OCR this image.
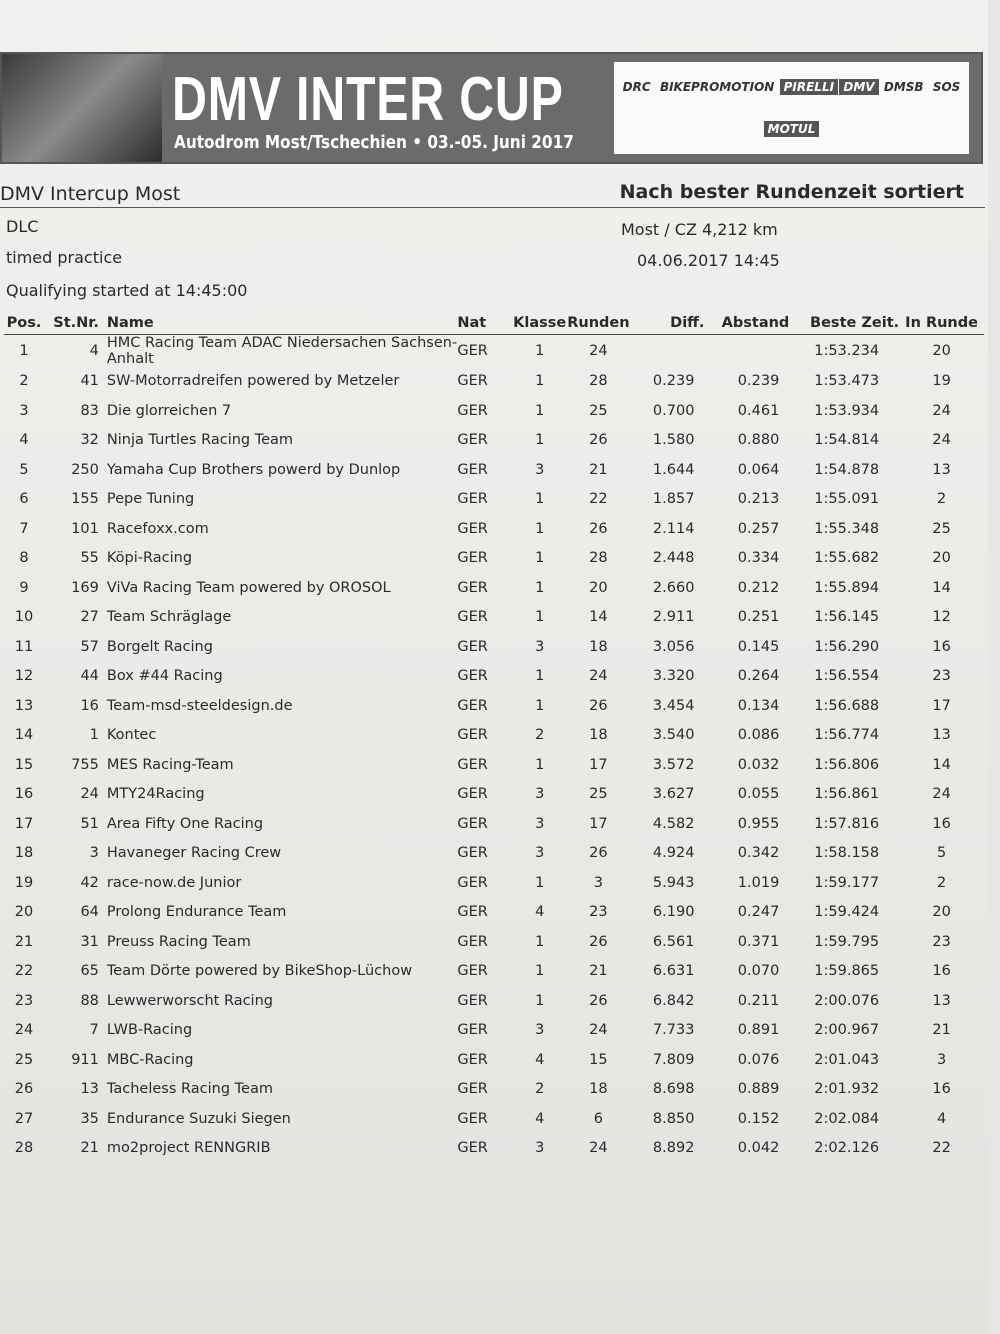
DMV INTER CUP
Autodrom Most/Tschechien • 03.-05. Juni 2017
DRC BIKEPROMOTION PIRELLI DMV DMSB SOS
MOTUL
DMV Intercup Most	Nach bester Rundenzeit sortiert
DLC
timed practice
Qualifying started at 14:45:00
Most / CZ 4,212 km
04.06.2017 14:45
Pos.	St.Nr.	Name	Nat	Klasse	Runden	Diff.	Abstand	Beste Zeit.	In Runde
1	4	HMC Racing Team ADAC Niedersachen Sachsen-Anhalt	GER	1	24			1:53.234	20
2	41	SW-Motorradreifen powered by Metzeler	GER	1	28	0.239	0.239	1:53.473	19
3	83	Die glorreichen 7	GER	1	25	0.700	0.461	1:53.934	24
4	32	Ninja Turtles Racing Team	GER	1	26	1.580	0.880	1:54.814	24
5	250	Yamaha Cup Brothers powerd by Dunlop	GER	3	21	1.644	0.064	1:54.878	13
6	155	Pepe Tuning	GER	1	22	1.857	0.213	1:55.091	2
7	101	Racefoxx.com	GER	1	26	2.114	0.257	1:55.348	25
8	55	Köpi-Racing	GER	1	28	2.448	0.334	1:55.682	20
9	169	ViVa Racing Team powered by OROSOL	GER	1	20	2.660	0.212	1:55.894	14
10	27	Team Schräglage	GER	1	14	2.911	0.251	1:56.145	12
11	57	Borgelt Racing	GER	3	18	3.056	0.145	1:56.290	16
12	44	Box #44 Racing	GER	1	24	3.320	0.264	1:56.554	23
13	16	Team-msd-steeldesign.de	GER	1	26	3.454	0.134	1:56.688	17
14	1	Kontec	GER	2	18	3.540	0.086	1:56.774	13
15	755	MES Racing-Team	GER	1	17	3.572	0.032	1:56.806	14
16	24	MTY24Racing	GER	3	25	3.627	0.055	1:56.861	24
17	51	Area Fifty One Racing	GER	3	17	4.582	0.955	1:57.816	16
18	3	Havaneger Racing Crew	GER	3	26	4.924	0.342	1:58.158	5
19	42	race-now.de Junior	GER	1	3	5.943	1.019	1:59.177	2
20	64	Prolong Endurance Team	GER	4	23	6.190	0.247	1:59.424	20
21	31	Preuss Racing Team	GER	1	26	6.561	0.371	1:59.795	23
22	65	Team Dörte powered by BikeShop-Lüchow	GER	1	21	6.631	0.070	1:59.865	16
23	88	Lewwerworscht Racing	GER	1	26	6.842	0.211	2:00.076	13
24	7	LWB-Racing	GER	3	24	7.733	0.891	2:00.967	21
25	911	MBC-Racing	GER	4	15	7.809	0.076	2:01.043	3
26	13	Tacheless Racing Team	GER	2	18	8.698	0.889	2:01.932	16
27	35	Endurance Suzuki Siegen	GER	4	6	8.850	0.152	2:02.084	4
28	21	mo2project RENNGRIB	GER	3	24	8.892	0.042	2:02.126	22
